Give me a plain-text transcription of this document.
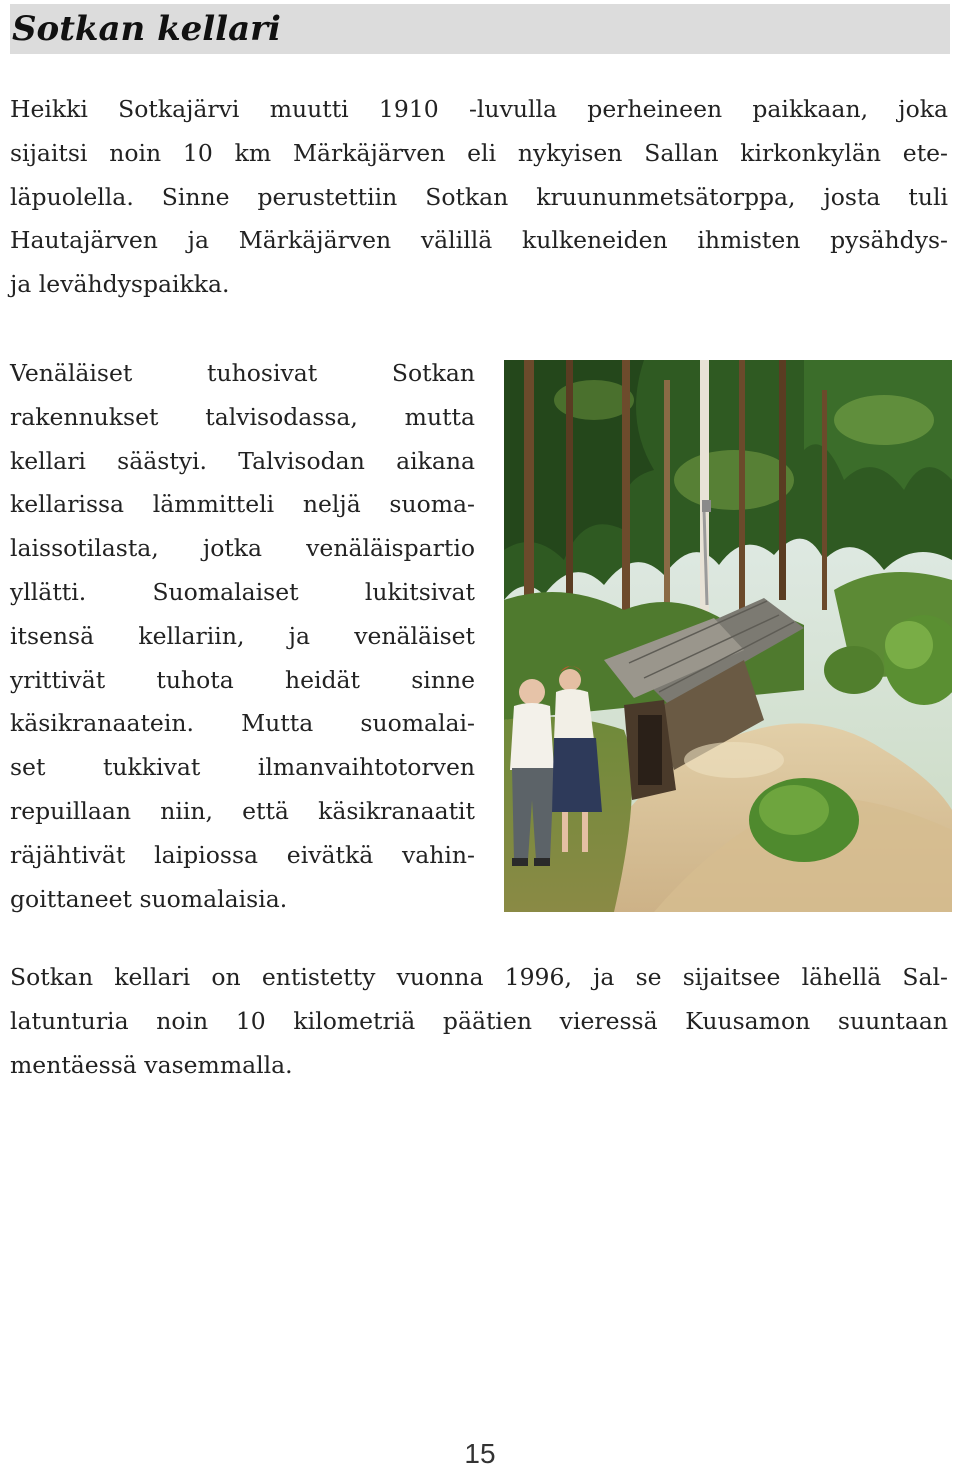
Sotkan kellari
Heikki Sotkajärvi muutti 1910 -luvulla perheineen paikkaan, joka
sijaitsi noin 10 km Märkäjärven eli nykyisen Sallan kirkonkylän ete-
läpuolella. Sinne perustettiin Sotkan kruununmetsätorppa, josta tuli
Hautajärven ja Märkäjärven välillä kulkeneiden ihmisten pysähdys-
ja levähdyspaikka.
Venäläiset tuhosivat Sotkan
rakennukset talvisodassa, mutta
kellari säästyi. Talvisodan aikana
kellarissa lämmitteli neljä suoma-
laissotilasta, jotka venäläispartio
yllätti. Suomalaiset lukitsivat
itsensä kellariin, ja venäläiset
yrittivät tuhota heidät sinne
käsikranaatein. Mutta suomalai-
set tukkivat ilmanvaihtotorven
repuillaan niin, että käsikranaatit
räjähtivät laipiossa eivätkä vahin-
goittaneet suomalaisia.
Sotkan kellari on entistetty vuonna 1996, ja se sijaitsee lähellä Sal-
latunturia noin 10 kilometriä päätien vieressä Kuusamon suuntaan
mentäessä vasemmalla.
15
